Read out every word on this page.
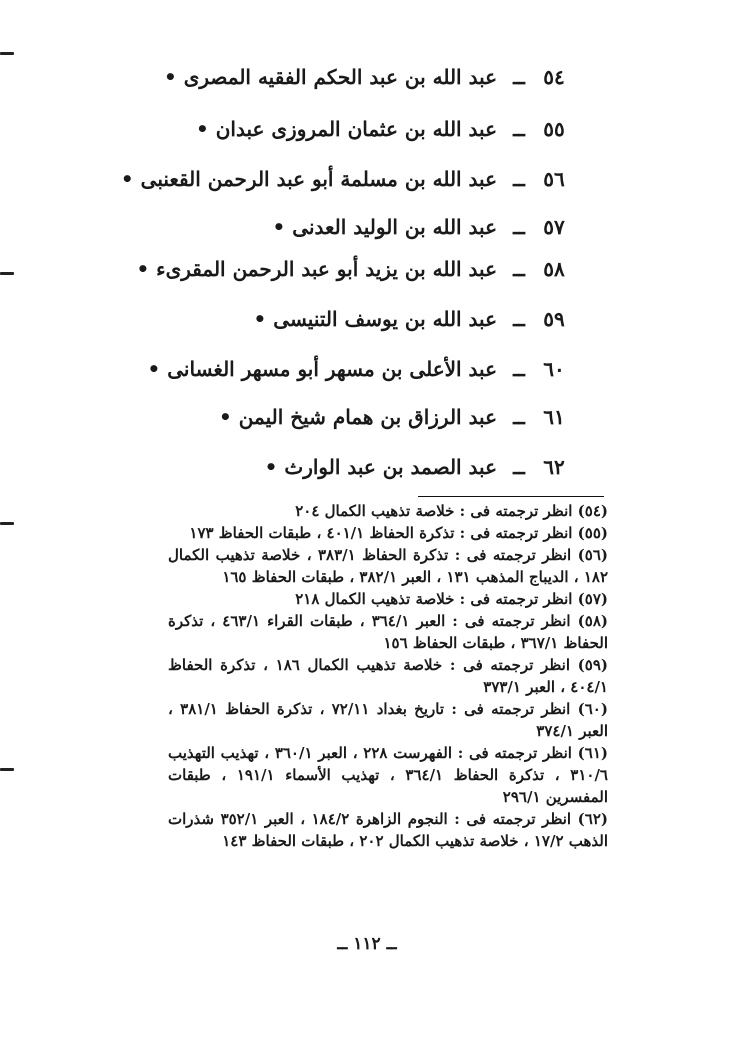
٥٤ــ عبد الله بن عبد الحكم الفقيه المصرى •
٥٥ــ عبد الله بن عثمان المروزى عبدان •
٥٦ــ عبد الله بن مسلمة أبو عبد الرحمن القعنبى •
٥٧ــ عبد الله بن الوليد العدنى •
٥٨ــ عبد الله بن يزيد أبو عبد الرحمن المقرىء •
٥٩ــ عبد الله بن يوسف التنيسى •
٦٠ــ عبد الأعلى بن مسهر أبو مسهر الغسانى •
٦١ــ عبد الرزاق بن همام شيخ اليمن •
٦٢ــ عبد الصمد بن عبد الوارث •

(٥٤) انظر ترجمته فى : خلاصة تذهيب الكمال ٢٠٤

(٥٥) انظر ترجمته فى : تذكرة الحفاظ ٤٠١/١ ، طبقات الحفاظ ١٧٣

(٥٦) انظر ترجمته فى : تذكرة الحفاظ ٣٨٣/١ ، خلاصة تذهيب الكمال ١٨٢ ، الديباج المذهب ١٣١ ، العبر ٣٨٢/١ ، طبقات الحفاظ ١٦٥

(٥٧) انظر ترجمته فى : خلاصة تذهيب الكمال ٢١٨

(٥٨) انظر ترجمته فى : العبر ٣٦٤/١ ، طبقات القراء ٤٦٣/١ ، تذكرة الحفاظ ٣٦٧/١ ، طبقات الحفاظ ١٥٦

(٥٩) انظر ترجمته فى : خلاصة تذهيب الكمال ١٨٦ ، تذكرة الحفاظ ٤٠٤/١ ، العبر ٣٧٣/١

(٦٠) انظر ترجمته فى : تاريخ بغداد ٧٢/١١ ، تذكرة الحفاظ ٣٨١/١ ، العبر ٣٧٤/١

(٦١) انظر ترجمته فى : الفهرست ٢٢٨ ، العبر ٣٦٠/١ ، تهذيب التهذيب ٣١٠/٦ ، تذكرة الحفاظ ٣٦٤/١ ، تهذيب الأسماء ١٩١/١ ، طبقات المفسرين ٢٩٦/١

(٦٢) انظر ترجمته فى : النجوم الزاهرة ١٨٤/٢ ، العبر ٣٥٢/١ شذرات الذهب ١٧/٢ ، خلاصة تذهيب الكمال ٢٠٢ ، طبقات الحفاظ ١٤٣

ــ ١١٢ ــ
